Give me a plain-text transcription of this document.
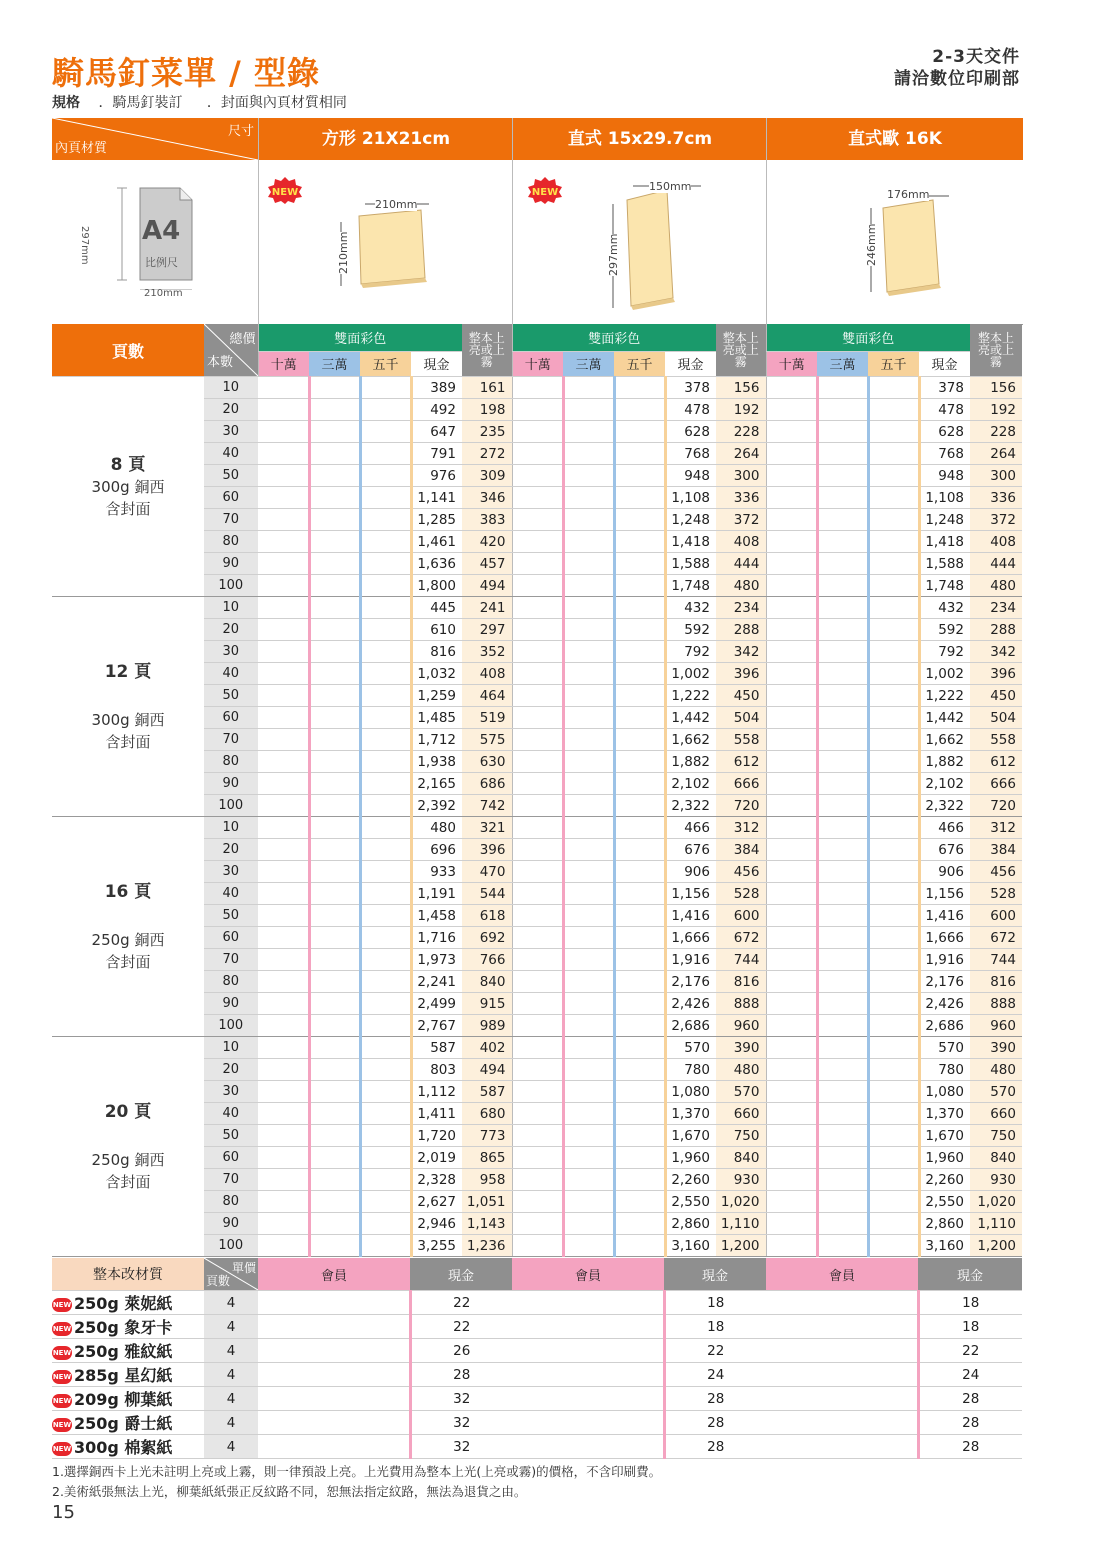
騎馬釘菜單 / 型錄	2-3天交件
請洽數位印刷部
規格 ．騎馬釘裝訂 ．封面與內頁材質相同
尺寸
內頁材質
A4
比例尺
210mm
297mm
方形 21X21cm
NEW
210mm
210mm
直式 15x29.7cm
NEW	150mm
297mm
直式歐 16K
176mm
246mm
頁數	總價
本數	雙面彩色				整本上亮或上霧	雙面彩色				整本上亮或上霧	雙面彩色				整本上亮或上霧

		十萬	三萬	五千	現金		十萬	三萬	五千	現金		十萬	三萬	五千	現金	

8 頁
300g 銅西
含封面	10				389	161				378	156				378	156
	20				492	198				478	192				478	192
	30				647	235				628	228				628	228
	40				791	272				768	264				768	264
	50				976	309				948	300				948	300
	60				1,141	346				1,108	336				1,108	336
	70				1,285	383				1,248	372				1,248	372
	80				1,461	420				1,418	408				1,418	408
	90				1,636	457				1,588	444				1,588	444
	100				1,800	494				1,748	480				1,748	480

12 頁
300g 銅西
含封面	10				445	241				432	234				432	234
	20				610	297				592	288				592	288
	30				816	352				792	342				792	342
	40				1,032	408				1,002	396				1,002	396
	50				1,259	464				1,222	450				1,222	450
	60				1,485	519				1,442	504				1,442	504
	70				1,712	575				1,662	558				1,662	558
	80				1,938	630				1,882	612				1,882	612
	90				2,165	686				2,102	666				2,102	666
	100				2,392	742				2,322	720				2,322	720

16 頁
250g 銅西
含封面	10				480	321				466	312				466	312
	20				696	396				676	384				676	384
	30				933	470				906	456				906	456
	40				1,191	544				1,156	528				1,156	528
	50				1,458	618				1,416	600				1,416	600
	60				1,716	692				1,666	672				1,666	672
	70				1,973	766				1,916	744				1,916	744
	80				2,241	840				2,176	816				2,176	816
	90				2,499	915				2,426	888				2,426	888
	100				2,767	989				2,686	960				2,686	960

20 頁
250g 銅西
含封面	10				587	402				570	390				570	390
	20				803	494				780	480				780	480
	30				1,112	587				1,080	570				1,080	570
	40				1,411	680				1,370	660				1,370	660
	50				1,720	773				1,670	750				1,670	750
	60				2,019	865				1,960	840				1,960	840
	70				2,328	958				2,260	930				2,260	930
	80				2,627	1,051				2,550	1,020				2,550	1,020
	90				2,946	1,143				2,860	1,110				2,860	1,110
	100				3,255	1,236				3,160	1,200				3,160	1,200
整本改材質	單價
頁數	會員	現金	會員	現金	會員	現金
NEW 250g 萊妮紙	4		22		18		18
NEW 250g 象牙卡	4		22		18		18
NEW 250g 雅紋紙	4		26		22		22
NEW 285g 星幻紙	4		28		24		24
NEW 209g 柳葉紙	4		32		28		28
NEW 250g 爵士紙	4		32		28		28
NEW 300g 棉絮紙	4		32		28		28
1.選擇銅西卡上光未註明上亮或上霧，則一律預設上亮。上光費用為整本上光(上亮或霧)的價格，不含印刷費。
2.美術紙張無法上光，柳葉紙紙張正反紋路不同，恕無法指定紋路，無法為退貨之由。
15
